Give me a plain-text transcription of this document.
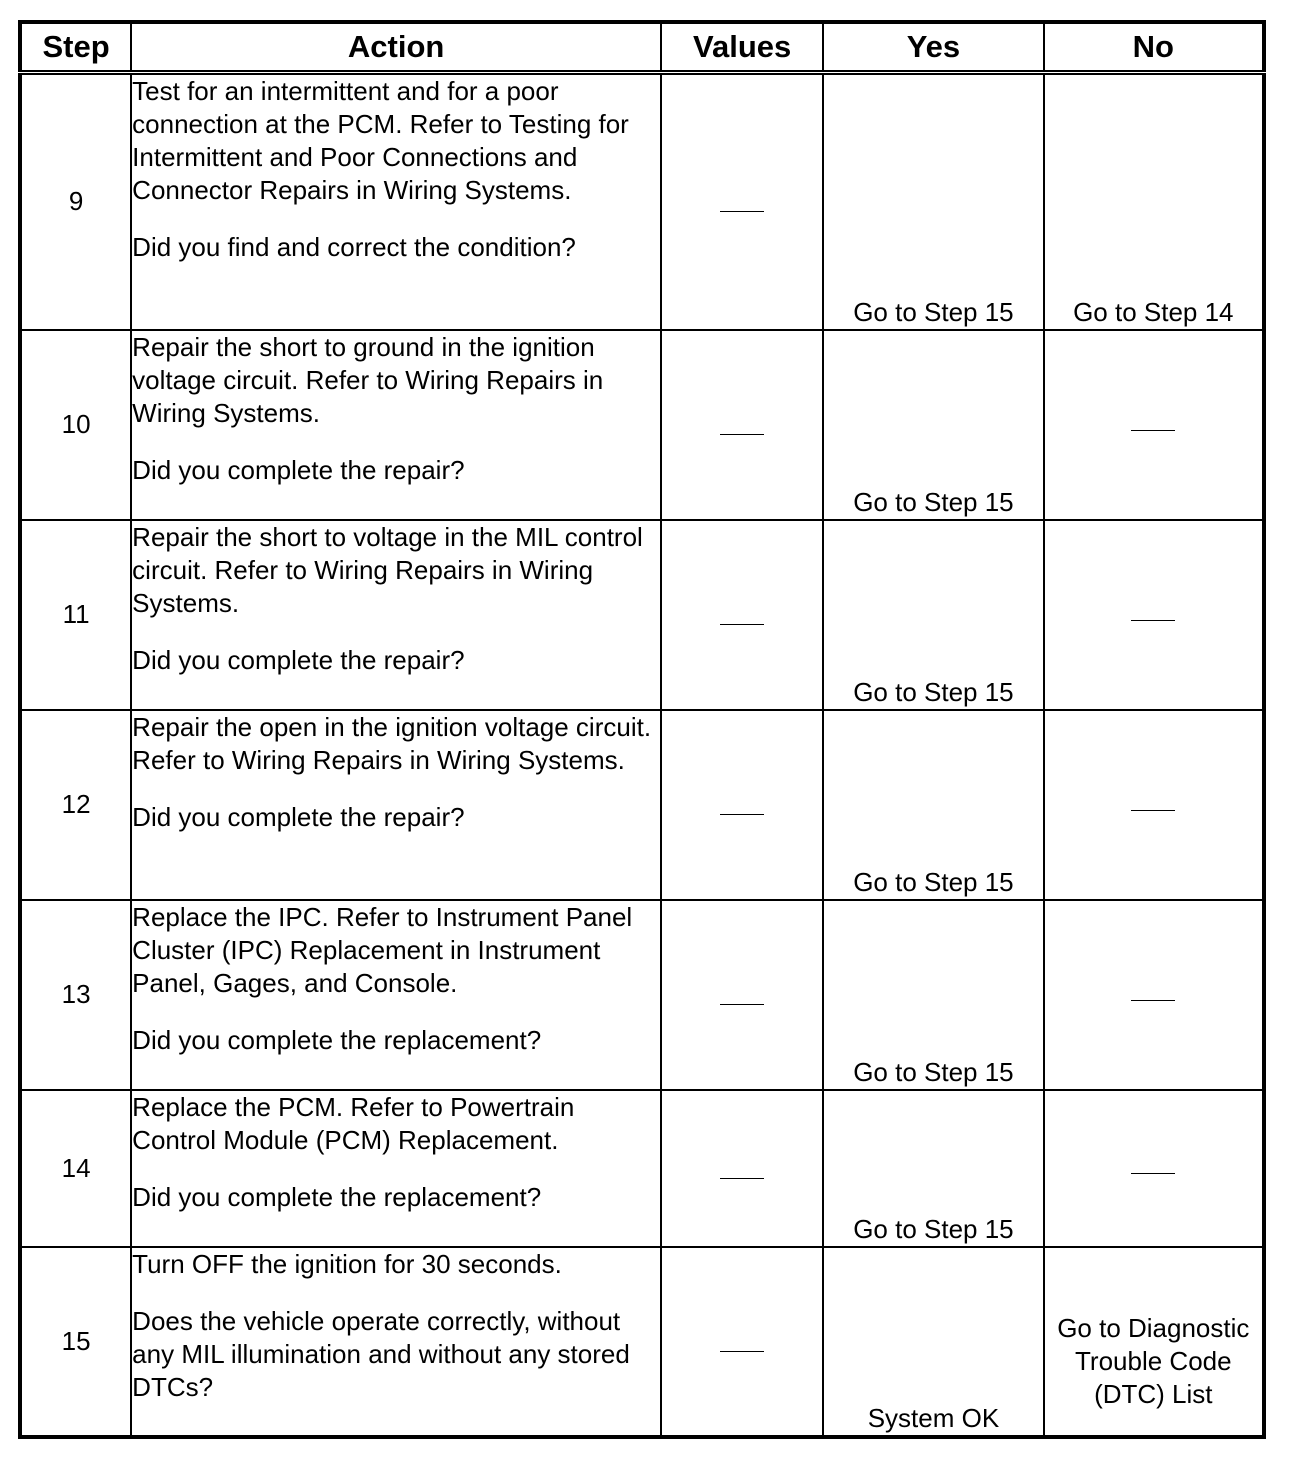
Step	Action	Values	Yes	No
9	Test for an intermittent and for a poor connection at the PCM. Refer to Testing for Intermittent and Poor Connections and Connector Repairs in Wiring Systems.

Did you find and correct the condition?		Go to Step 15	Go to Step 14
10	Repair the short to ground in the ignition voltage circuit. Refer to Wiring Repairs in Wiring Systems.

Did you complete the repair?		Go to Step 15	
11	Repair the short to voltage in the MIL control circuit. Refer to Wiring Repairs in Wiring Systems.

Did you complete the repair?		Go to Step 15	
12	Repair the open in the ignition voltage circuit. Refer to Wiring Repairs in Wiring Systems.

Did you complete the repair?		Go to Step 15	
13	Replace the IPC. Refer to Instrument Panel Cluster (IPC) Replacement in Instrument Panel, Gages, and Console.

Did you complete the replacement?		Go to Step 15	
14	Replace the PCM. Refer to Powertrain Control Module (PCM) Replacement.

Did you complete the replacement?		Go to Step 15	
15	Turn OFF the ignition for 30 seconds.

Does the vehicle operate correctly, without any MIL illumination and without any stored DTCs?		System OK	Go to Diagnostic Trouble Code (DTC) List
